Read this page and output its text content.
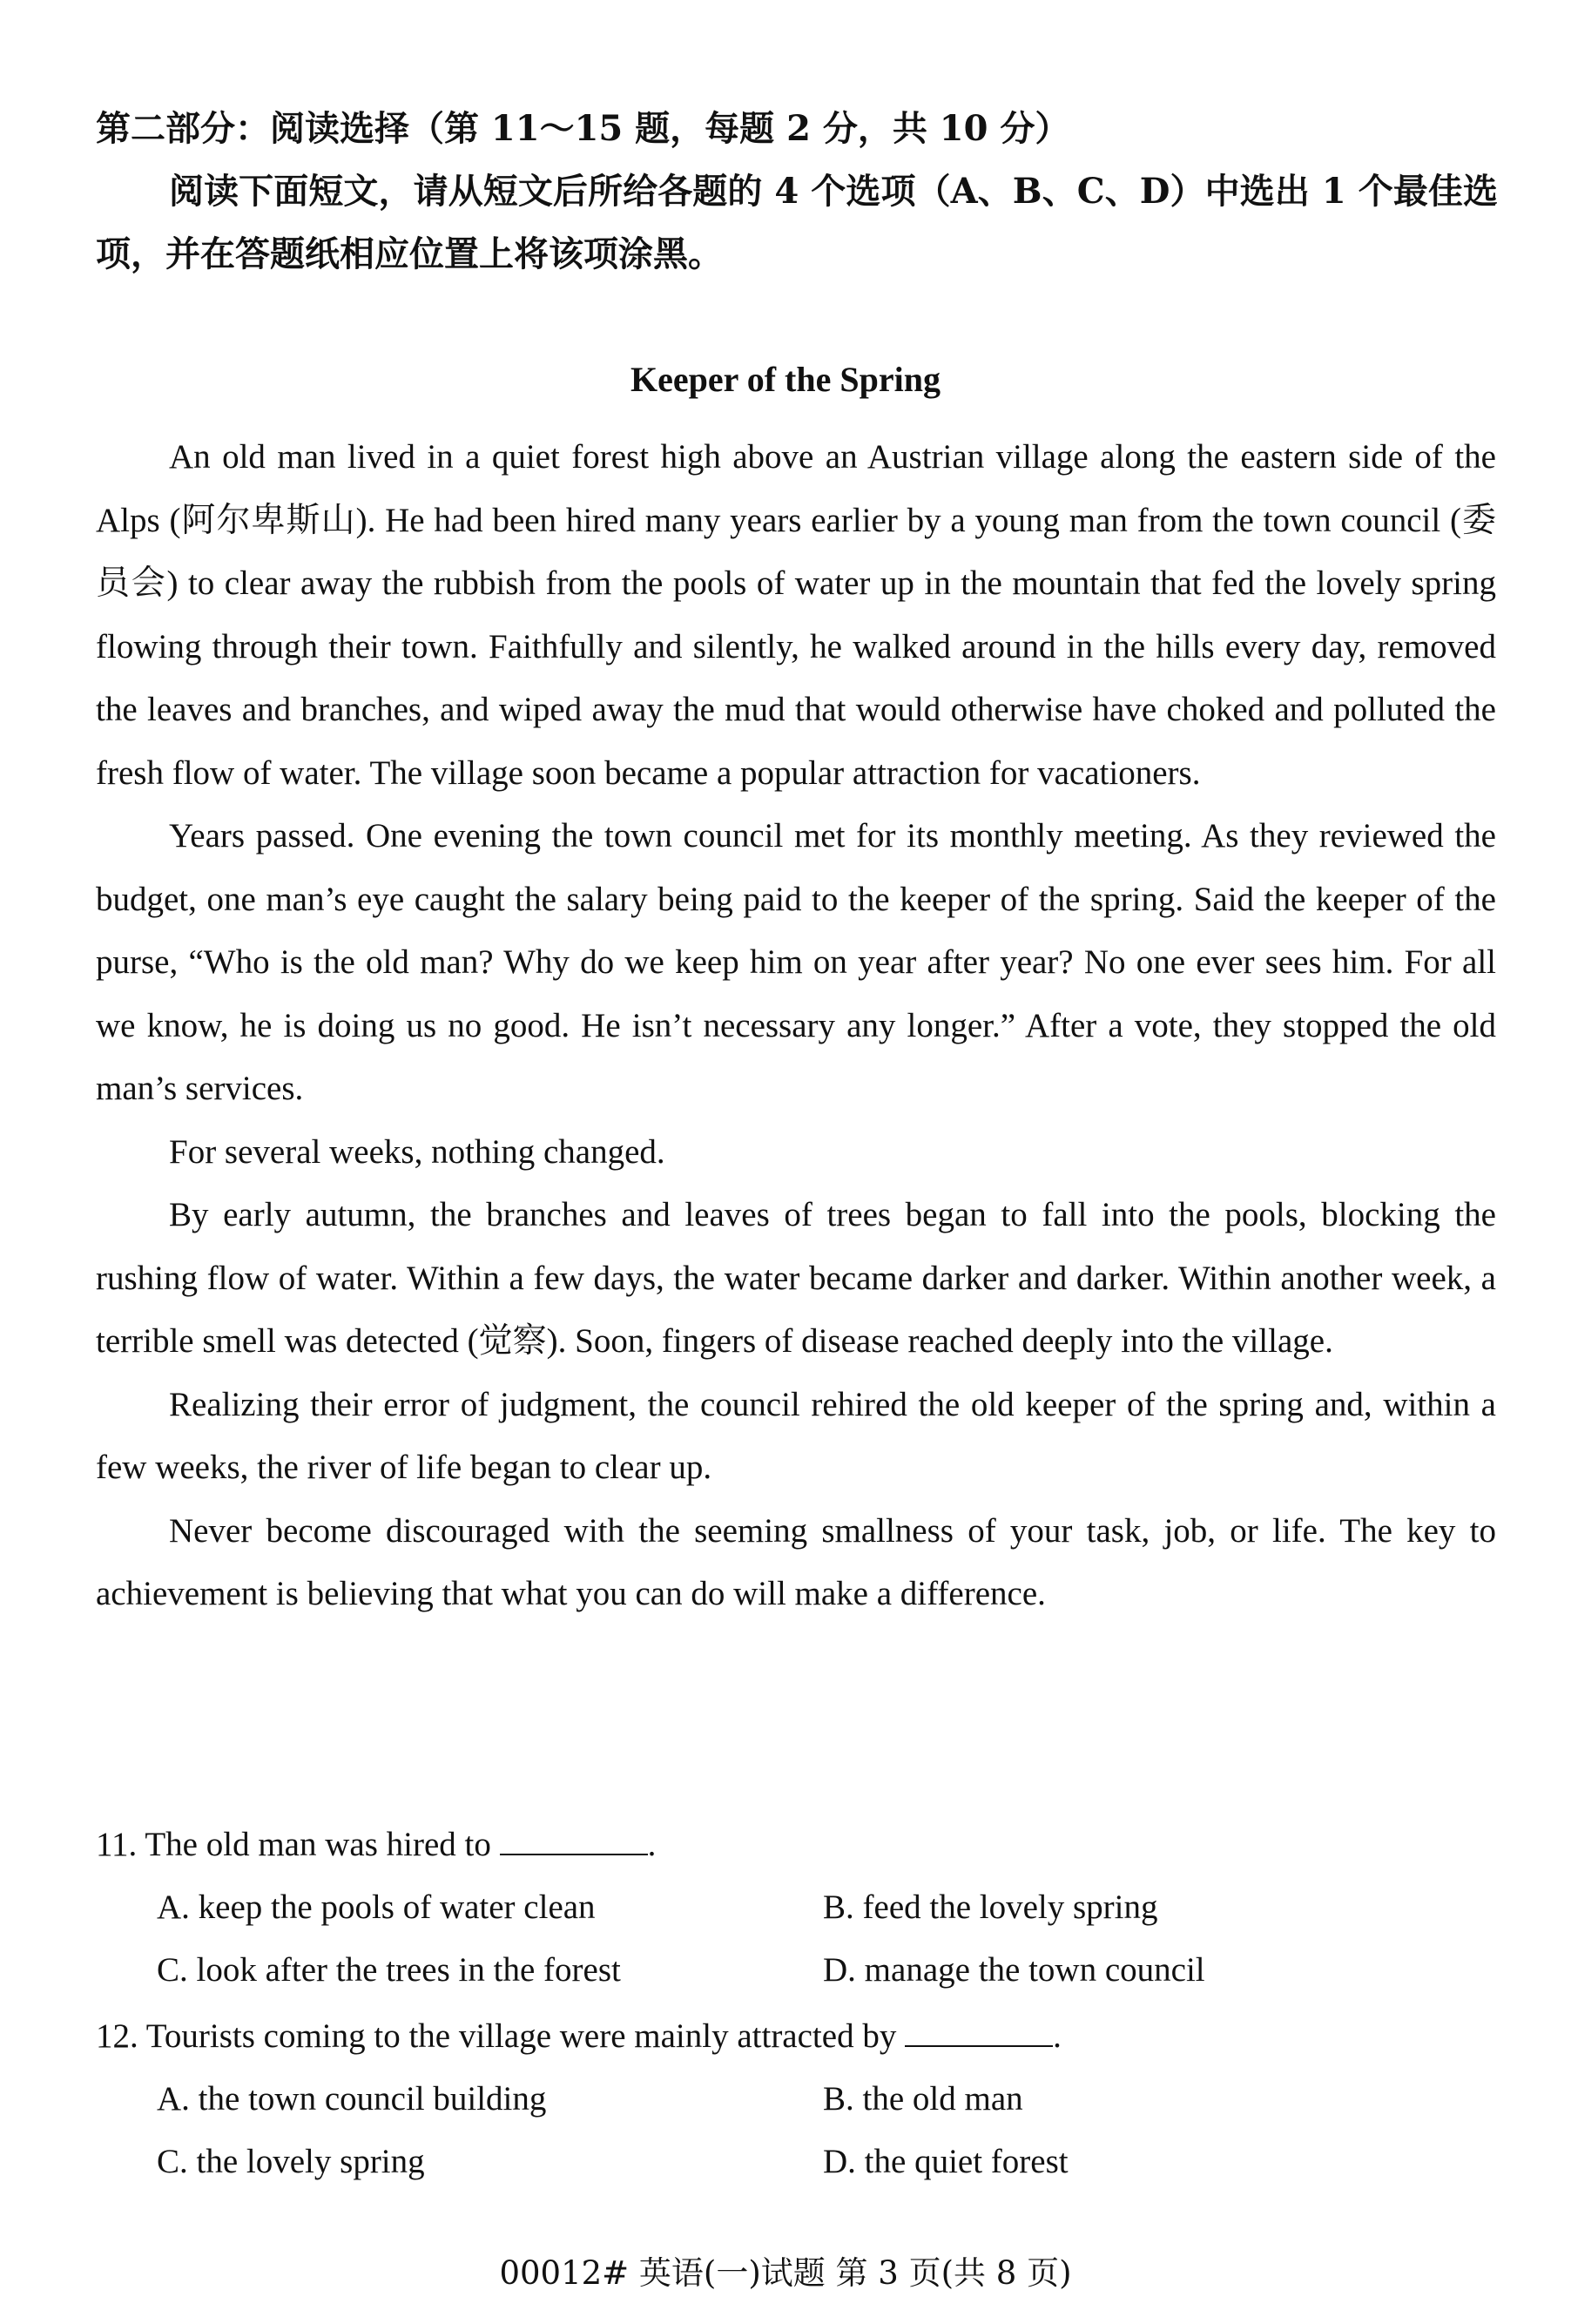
第二部分：阅读选择（第 11～15 题，每题 2 分，共 10 分）
阅读下面短文，请从短文后所给各题的 4 个选项（A、B、C、D）中选出 1 个最佳选项，并在答题纸相应位置上将该项涂黑。
Keeper of the Spring

An old man lived in a quiet forest high above an Austrian village along the eastern side of the Alps (阿尔卑斯山). He had been hired many years earlier by a young man from the town council (委员会) to clear away the rubbish from the pools of water up in the mountain that fed the lovely spring flowing through their town. Faithfully and silently, he walked around in the hills every day, removed the leaves and branches, and wiped away the mud that would otherwise have choked and polluted the fresh flow of water. The village soon became a popular attraction for vacationers.

Years passed. One evening the town council met for its monthly meeting. As they reviewed the budget, one man’s eye caught the salary being paid to the keeper of the spring. Said the keeper of the purse, “Who is the old man? Why do we keep him on year after year? No one ever sees him. For all we know, he is doing us no good. He isn’t necessary any longer.” After a vote, they stopped the old man’s services.

For several weeks, nothing changed.

By early autumn, the branches and leaves of trees began to fall into the pools, blocking the rushing flow of water. Within a few days, the water became darker and darker. Within another week, a terrible smell was detected (觉察). Soon, fingers of disease reached deeply into the village.

Realizing their error of judgment, the council rehired the old keeper of the spring and, within a few weeks, the river of life began to clear up.

Never become discouraged with the seeming smallness of your task, job, or life. The key to achievement is believing that what you can do will make a difference.

11. The old man was hired to	.
A. keep the pools of water clean	B. feed the lovely spring
C. look after the trees in the forest	D. manage the town council
12. Tourists coming to the village were mainly attracted by	.
A. the town council building	B. the old man
C. the lovely spring	D. the quiet forest
00012# 英语(一)试题 第 3 页(共 8 页)
